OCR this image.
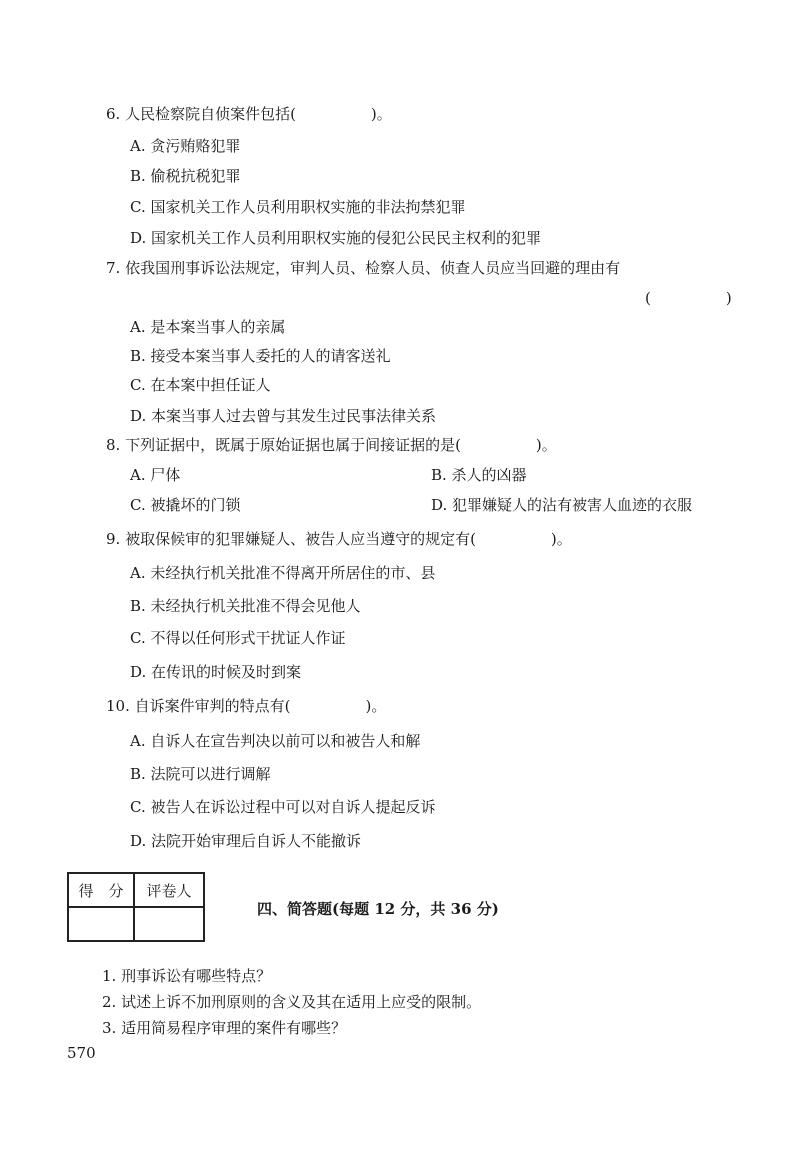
6. 人民检察院自侦案件包括(　　　　　)。
A. 贪污贿赂犯罪
B. 偷税抗税犯罪
C. 国家机关工作人员利用职权实施的非法拘禁犯罪
D. 国家机关工作人员利用职权实施的侵犯公民民主权利的犯罪
7. 依我国刑事诉讼法规定，审判人员、检察人员、侦查人员应当回避的理由有
(　　　　　)
A. 是本案当事人的亲属
B. 接受本案当事人委托的人的请客送礼
C. 在本案中担任证人
D. 本案当事人过去曾与其发生过民事法律关系
8. 下列证据中，既属于原始证据也属于间接证据的是(　　　　　)。
A. 尸体	B. 杀人的凶器
C. 被撬坏的门锁	D. 犯罪嫌疑人的沾有被害人血迹的衣服
9. 被取保候审的犯罪嫌疑人、被告人应当遵守的规定有(　　　　　)。
A. 未经执行机关批准不得离开所居住的市、县
B. 未经执行机关批准不得会见他人
C. 不得以任何形式干扰证人作证
D. 在传讯的时候及时到案
10. 自诉案件审判的特点有(　　　　　)。
A. 自诉人在宣告判决以前可以和被告人和解
B. 法院可以进行调解
C. 被告人在诉讼过程中可以对自诉人提起反诉
D. 法院开始审理后自诉人不能撤诉
得　分	评卷人

四、简答题(每题 12 分，共 36 分)
1. 刑事诉讼有哪些特点？
2. 试述上诉不加刑原则的含义及其在适用上应受的限制。
3. 适用简易程序审理的案件有哪些？
570
